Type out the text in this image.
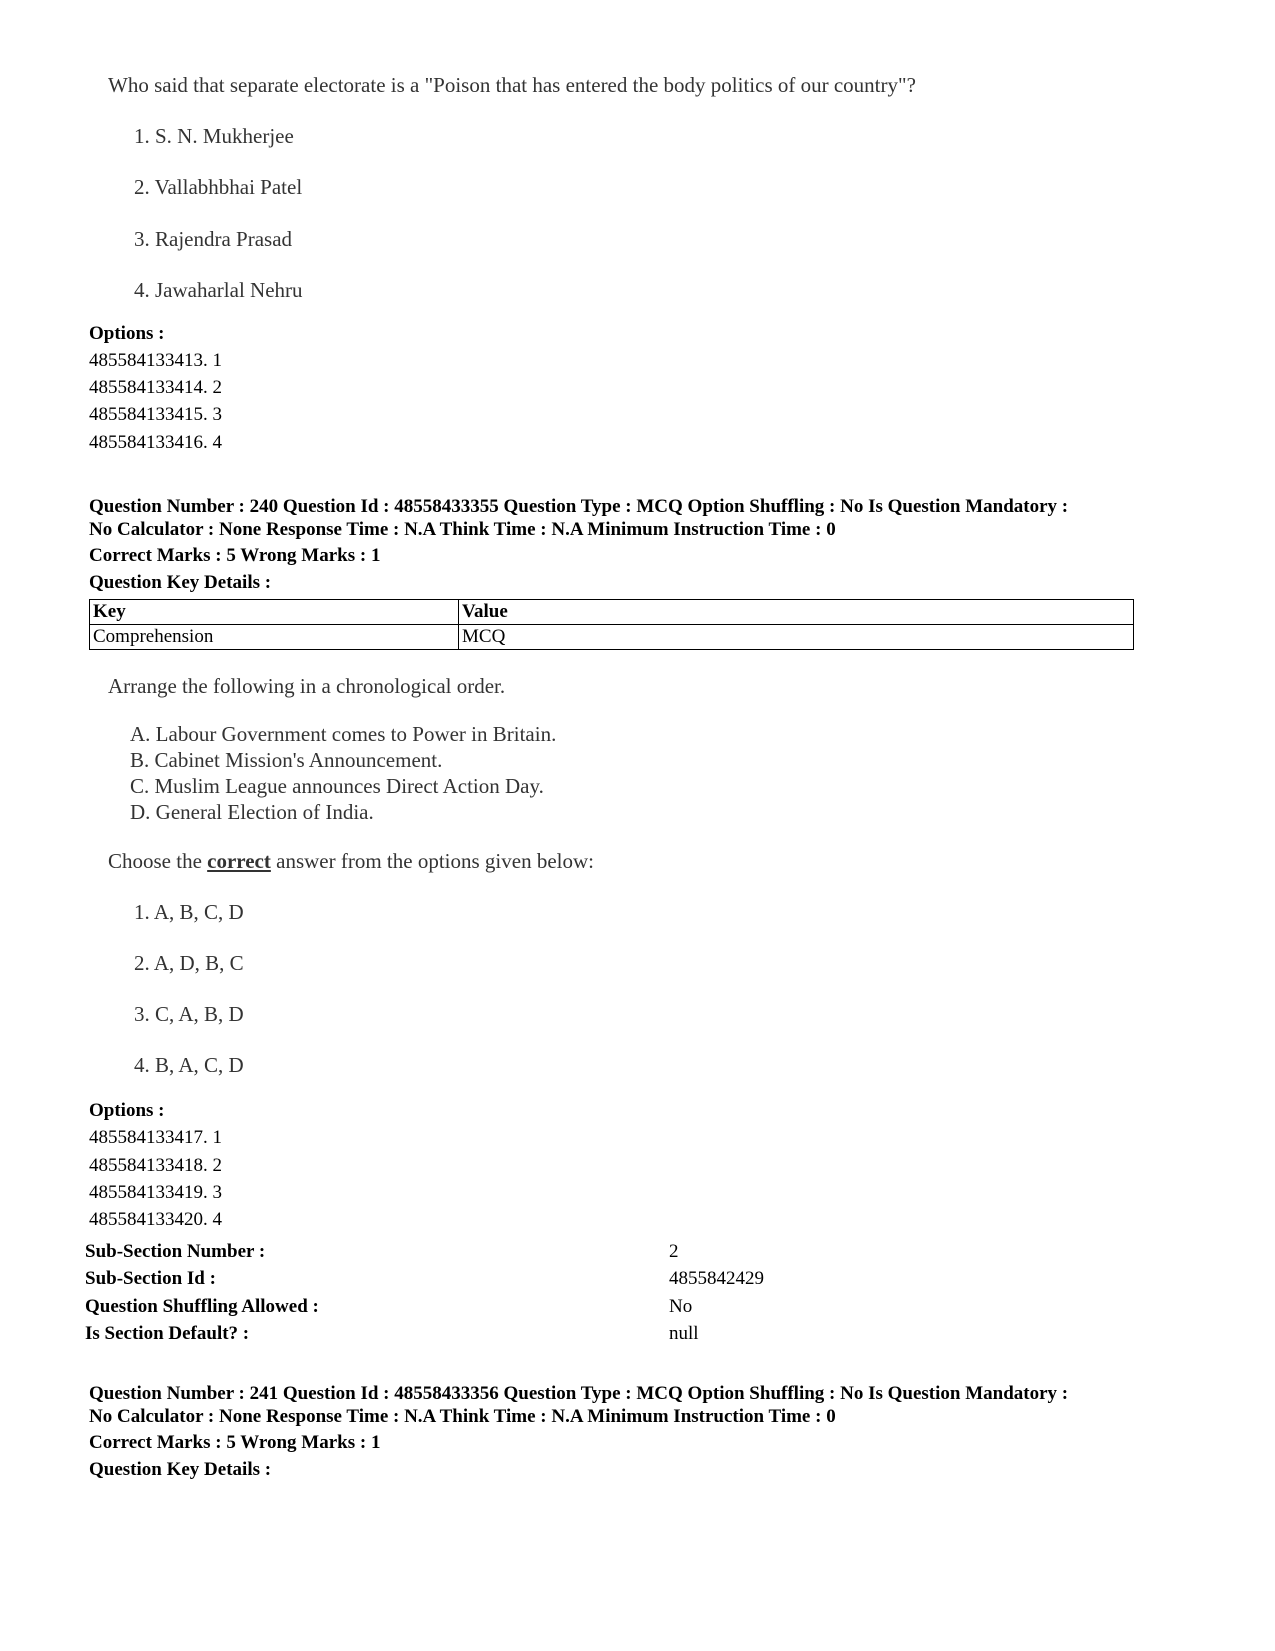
Who said that separate electorate is a "Poison that has entered the body politics of our country"?
1. S. N. Mukherjee
2. Vallabhbhai Patel
3. Rajendra Prasad
4. Jawaharlal Nehru
Options :
485584133413. 1
485584133414. 2
485584133415. 3
485584133416. 4
Question Number : 240 Question Id : 48558433355 Question Type : MCQ Option Shuffling : No Is Question Mandatory :
No Calculator : None Response Time : N.A Think Time : N.A Minimum Instruction Time : 0
Correct Marks : 5 Wrong Marks : 1
Question Key Details :
Key	Value
Comprehension	MCQ
Arrange the following in a chronological order.
A. Labour Government comes to Power in Britain.
B. Cabinet Mission's Announcement.
C. Muslim League announces Direct Action Day.
D. General Election of India.
Choose the correct answer from the options given below:
1. A, B, C, D
2. A, D, B, C
3. C, A, B, D
4. B, A, C, D
Options :
485584133417. 1
485584133418. 2
485584133419. 3
485584133420. 4
Sub-Section Number :	2
Sub-Section Id :	4855842429
Question Shuffling Allowed :	No
Is Section Default? :	null
Question Number : 241 Question Id : 48558433356 Question Type : MCQ Option Shuffling : No Is Question Mandatory :
No Calculator : None Response Time : N.A Think Time : N.A Minimum Instruction Time : 0
Correct Marks : 5 Wrong Marks : 1
Question Key Details :
